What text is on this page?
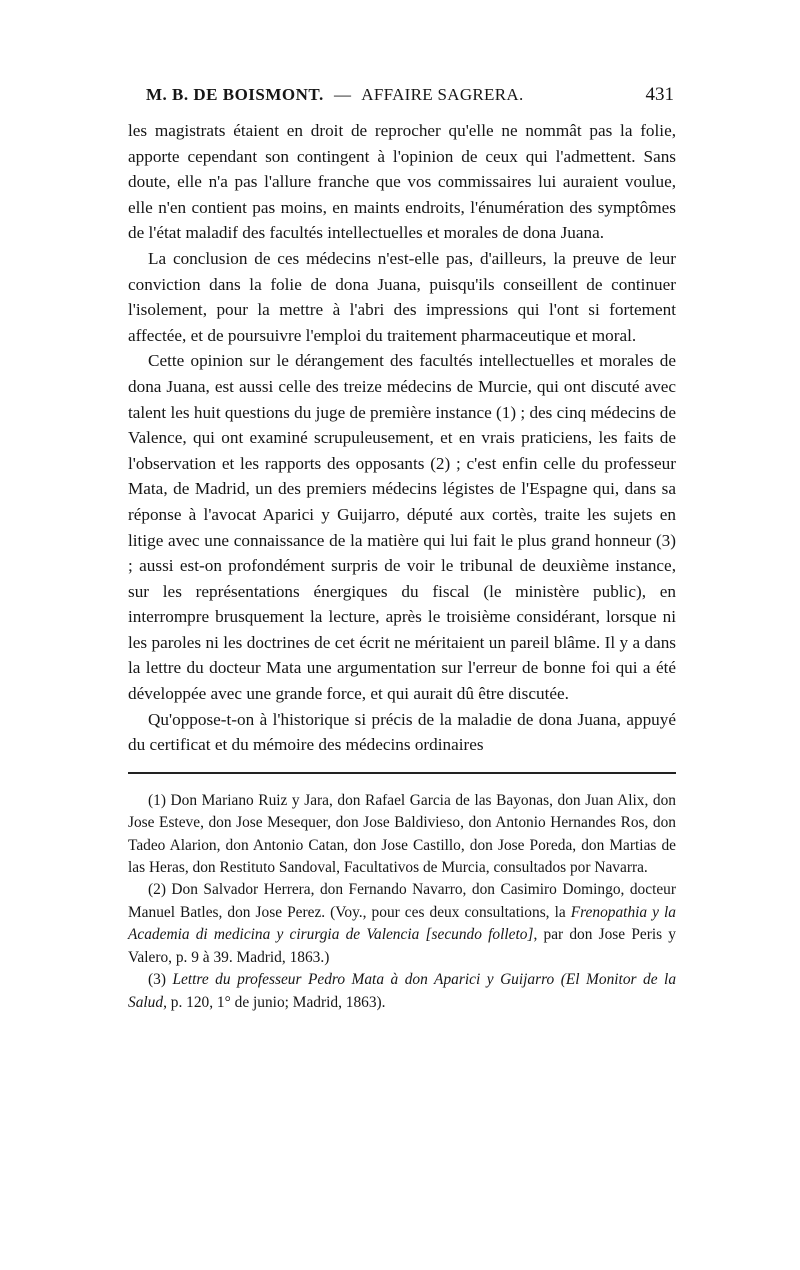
M. B. DE BOISMONT. — AFFAIRE SAGRERA.	431

les magistrats étaient en droit de reprocher qu'elle ne nommât pas la folie, apporte cependant son contingent à l'opinion de ceux qui l'admettent. Sans doute, elle n'a pas l'allure franche que vos commissaires lui auraient voulue, elle n'en contient pas moins, en maints endroits, l'énumération des symptômes de l'état maladif des facultés intellectuelles et morales de dona Juana.

La conclusion de ces médecins n'est-elle pas, d'ailleurs, la preuve de leur conviction dans la folie de dona Juana, puisqu'ils conseillent de continuer l'isolement, pour la mettre à l'abri des impressions qui l'ont si fortement affectée, et de poursuivre l'emploi du traitement pharmaceutique et moral.

Cette opinion sur le dérangement des facultés intellectuelles et morales de dona Juana, est aussi celle des treize médecins de Murcie, qui ont discuté avec talent les huit questions du juge de première instance (1) ; des cinq médecins de Valence, qui ont examiné scrupuleusement, et en vrais praticiens, les faits de l'observation et les rapports des opposants (2) ; c'est enfin celle du professeur Mata, de Madrid, un des premiers médecins légistes de l'Espagne qui, dans sa réponse à l'avocat Aparici y Guijarro, député aux cortès, traite les sujets en litige avec une connaissance de la matière qui lui fait le plus grand honneur (3) ; aussi est-on profondément surpris de voir le tribunal de deuxième instance, sur les représentations énergiques du fiscal (le ministère public), en interrompre brusquement la lecture, après le troisième considérant, lorsque ni les paroles ni les doctrines de cet écrit ne méritaient un pareil blâme. Il y a dans la lettre du docteur Mata une argumentation sur l'erreur de bonne foi qui a été développée avec une grande force, et qui aurait dû être discutée.

Qu'oppose-t-on à l'historique si précis de la maladie de dona Juana, appuyé du certificat et du mémoire des médecins ordinaires

(1) Don Mariano Ruiz y Jara, don Rafael Garcia de las Bayonas, don Juan Alix, don Jose Esteve, don Jose Mesequer, don Jose Baldivieso, don Antonio Hernandes Ros, don Tadeo Alarion, don Antonio Catan, don Jose Castillo, don Jose Poreda, don Martias de las Heras, don Restituto Sandoval, Facultativos de Murcia, consultados por Navarra.

(2) Don Salvador Herrera, don Fernando Navarro, don Casimiro Domingo, docteur Manuel Batles, don Jose Perez. (Voy., pour ces deux consultations, la Frenopathia y la Academia di medicina y cirurgia de Valencia [secundo folleto], par don Jose Peris y Valero, p. 9 à 39. Madrid, 1863.)

(3) Lettre du professeur Pedro Mata à don Aparici y Guijarro (El Monitor de la Salud, p. 120, 1° de junio; Madrid, 1863).
